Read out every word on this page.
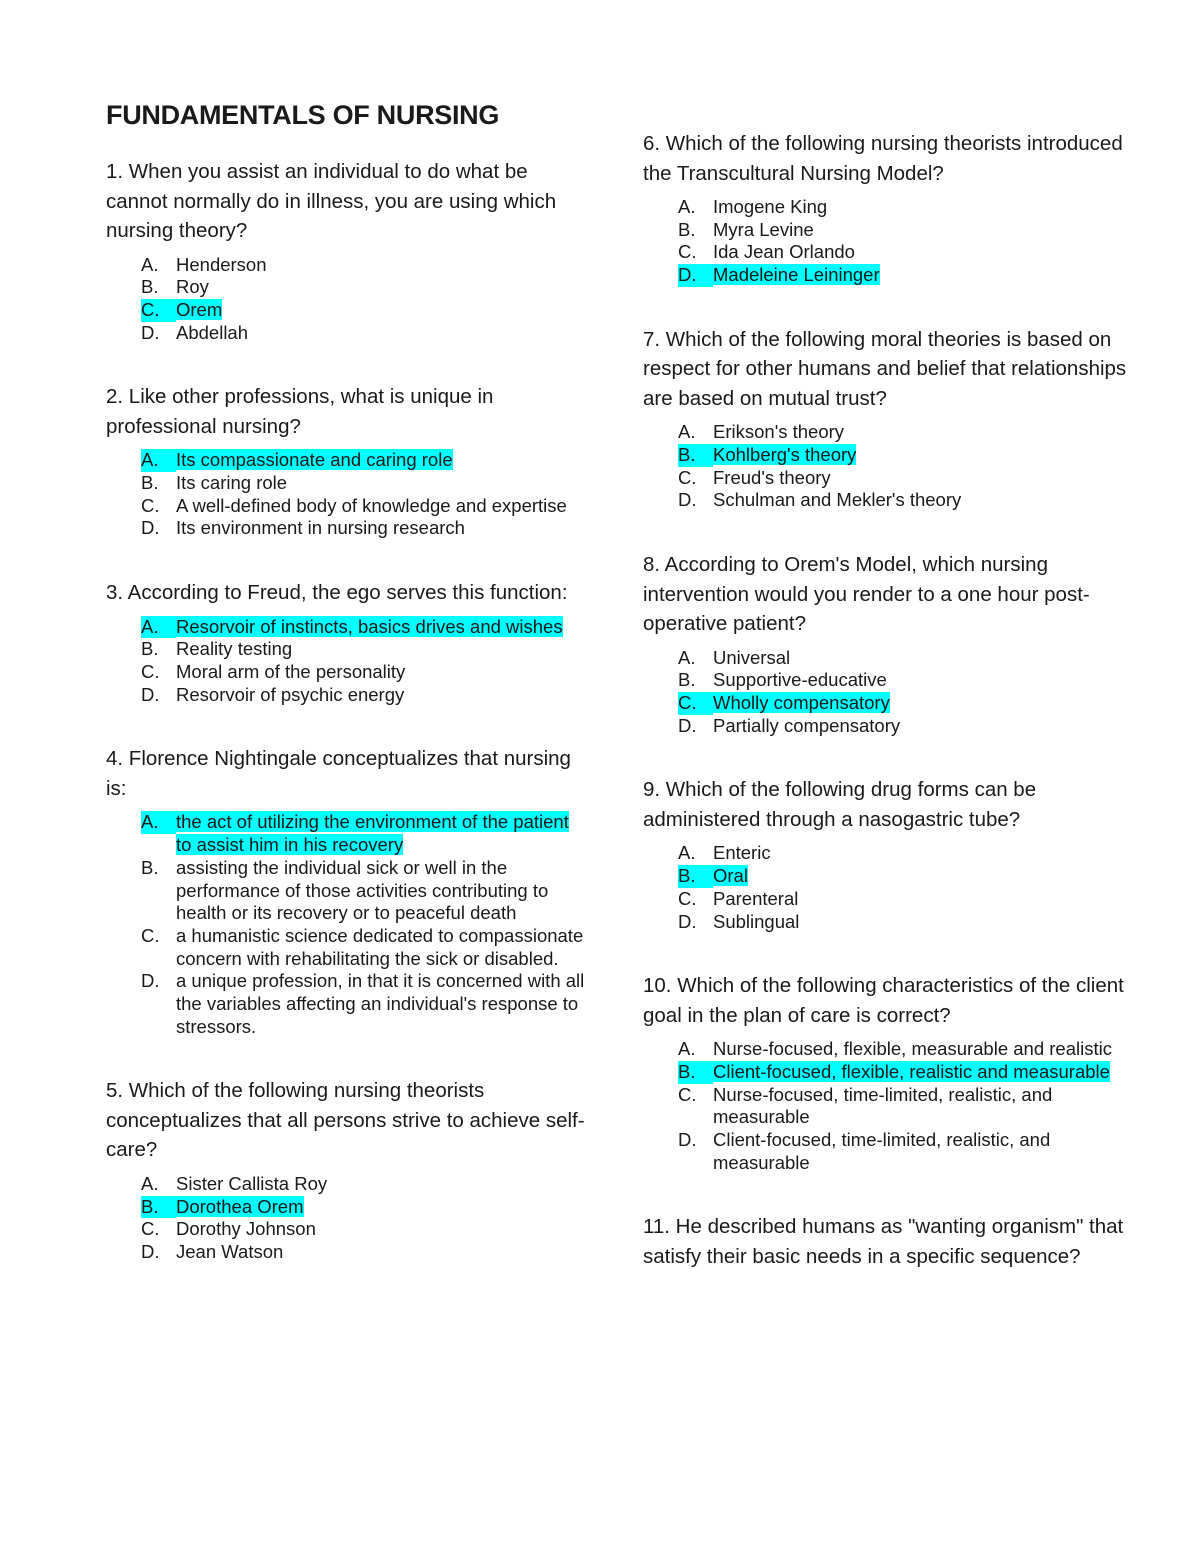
FUNDAMENTALS OF NURSING

1. When you assist an individual to do what be cannot normally do in illness, you are using which nursing theory?

A. Henderson
B. Roy
C. Orem
D. Abdellah

2. Like other professions, what is unique in professional nursing?

A. Its compassionate and caring role
B. Its caring role
C. A well-defined body of knowledge and expertise
D. Its environment in nursing research

3. According to Freud, the ego serves this function:

A. Resorvoir of instincts, basics drives and wishes
B. Reality testing
C. Moral arm of the personality
D. Resorvoir of psychic energy

4. Florence Nightingale conceptualizes that nursing is:

A. the act of utilizing the environment of the patient to assist him in his recovery
B. assisting the individual sick or well in the performance of those activities contributing to health or its recovery or to peaceful death
C. a humanistic science dedicated to compassionate concern with rehabilitating the sick or disabled.
D. a unique profession, in that it is concerned with all the variables affecting an individual's response to stressors.

5. Which of the following nursing theorists conceptualizes that all persons strive to achieve self-care?

A. Sister Callista Roy
B. Dorothea Orem
C. Dorothy Johnson
D. Jean Watson

6. Which of the following nursing theorists introduced the Transcultural Nursing Model?

A. Imogene King
B. Myra Levine
C. Ida Jean Orlando
D. Madeleine Leininger

7. Which of the following moral theories is based on respect for other humans and belief that relationships are based on mutual trust?

A. Erikson's theory
B. Kohlberg's theory
C. Freud's theory
D. Schulman and Mekler's theory

8. According to Orem's Model, which nursing intervention would you render to a one hour post-operative patient?

A. Universal
B. Supportive-educative
C. Wholly compensatory
D. Partially compensatory

9. Which of the following drug forms can be administered through a nasogastric tube?

A. Enteric
B. Oral
C. Parenteral
D. Sublingual

10. Which of the following characteristics of the client goal in the plan of care is correct?

A. Nurse-focused, flexible, measurable and realistic
B. Client-focused, flexible, realistic and measurable
C. Nurse-focused, time-limited, realistic, and measurable
D. Client-focused, time-limited, realistic, and measurable

11. He described humans as "wanting organism" that satisfy their basic needs in a specific sequence?
